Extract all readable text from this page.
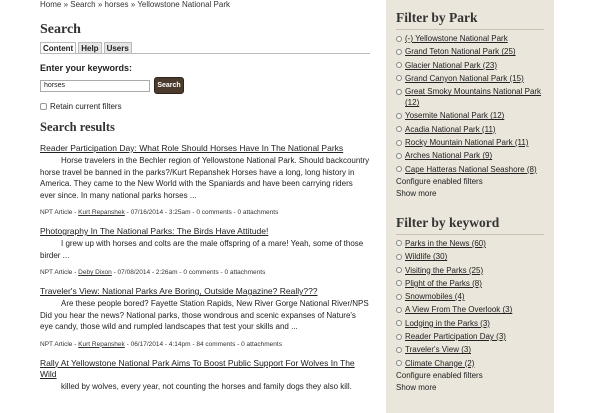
Home » Search » horses » Yellowstone National Park
Search
Content	Help	Users
Enter your keywords:
horses
Search
Retain current filters
Search results
Reader Participation Day: What Role Should Horses Have In The National Parks
Horse travelers in the Bechler region of Yellowstone National Park. Should backcountry horse travel be banned in the parks?/Kurt Repanshek Horses have a long, long history in America. They came to the New World with the Spaniards and have been carrying riders ever since. In many national parks horses ...
NPT Article - Kurt Repanshek - 07/16/2014 - 3:25am - 0 comments - 0 attachments
Photography In The National Parks: The Birds Have Attitude!
I grew up with horses and colts are the male offspring of a mare! Yeah, some of those birder ...
NPT Article - Deby Dixon - 07/08/2014 - 2:26am - 0 comments - 0 attachments
Traveler's View: National Parks Are Boring, Outside Magazine? Really???
Are these people bored? Fayette Station Rapids, New River Gorge National River/NPS Did you hear the news? National parks, those wondrous and scenic expanses of Nature's eye candy, those wild and rumpled landscapes that test your skills and ...
NPT Article - Kurt Repanshek - 06/17/2014 - 4:14pm - 84 comments - 0 attachments
Rally At Yellowstone National Park Aims To Boost Public Support For Wolves In The Wild
killed by wolves, every year, not counting the horses and family dogs they also kill.
Filter by Park
(-) Yellowstone National Park
Grand Teton National Park (25)
Glacier National Park (23)
Grand Canyon National Park (15)
Great Smoky Mountains National Park (12)
Yosemite National Park (12)
Acadia National Park (11)
Rocky Mountain National Park (11)
Arches National Park (9)
Cape Hatteras National Seashore (8)
Configure enabled filters
Show more
Filter by keyword
Parks in the News (60)
Wildlife (30)
Visiting the Parks (25)
Plight of the Parks (8)
Snowmobiles (4)
A View From The Overlook (3)
Lodging in the Parks (3)
Reader Participation Day (3)
Traveler's View (3)
Climate Change (2)
Configure enabled filters
Show more
